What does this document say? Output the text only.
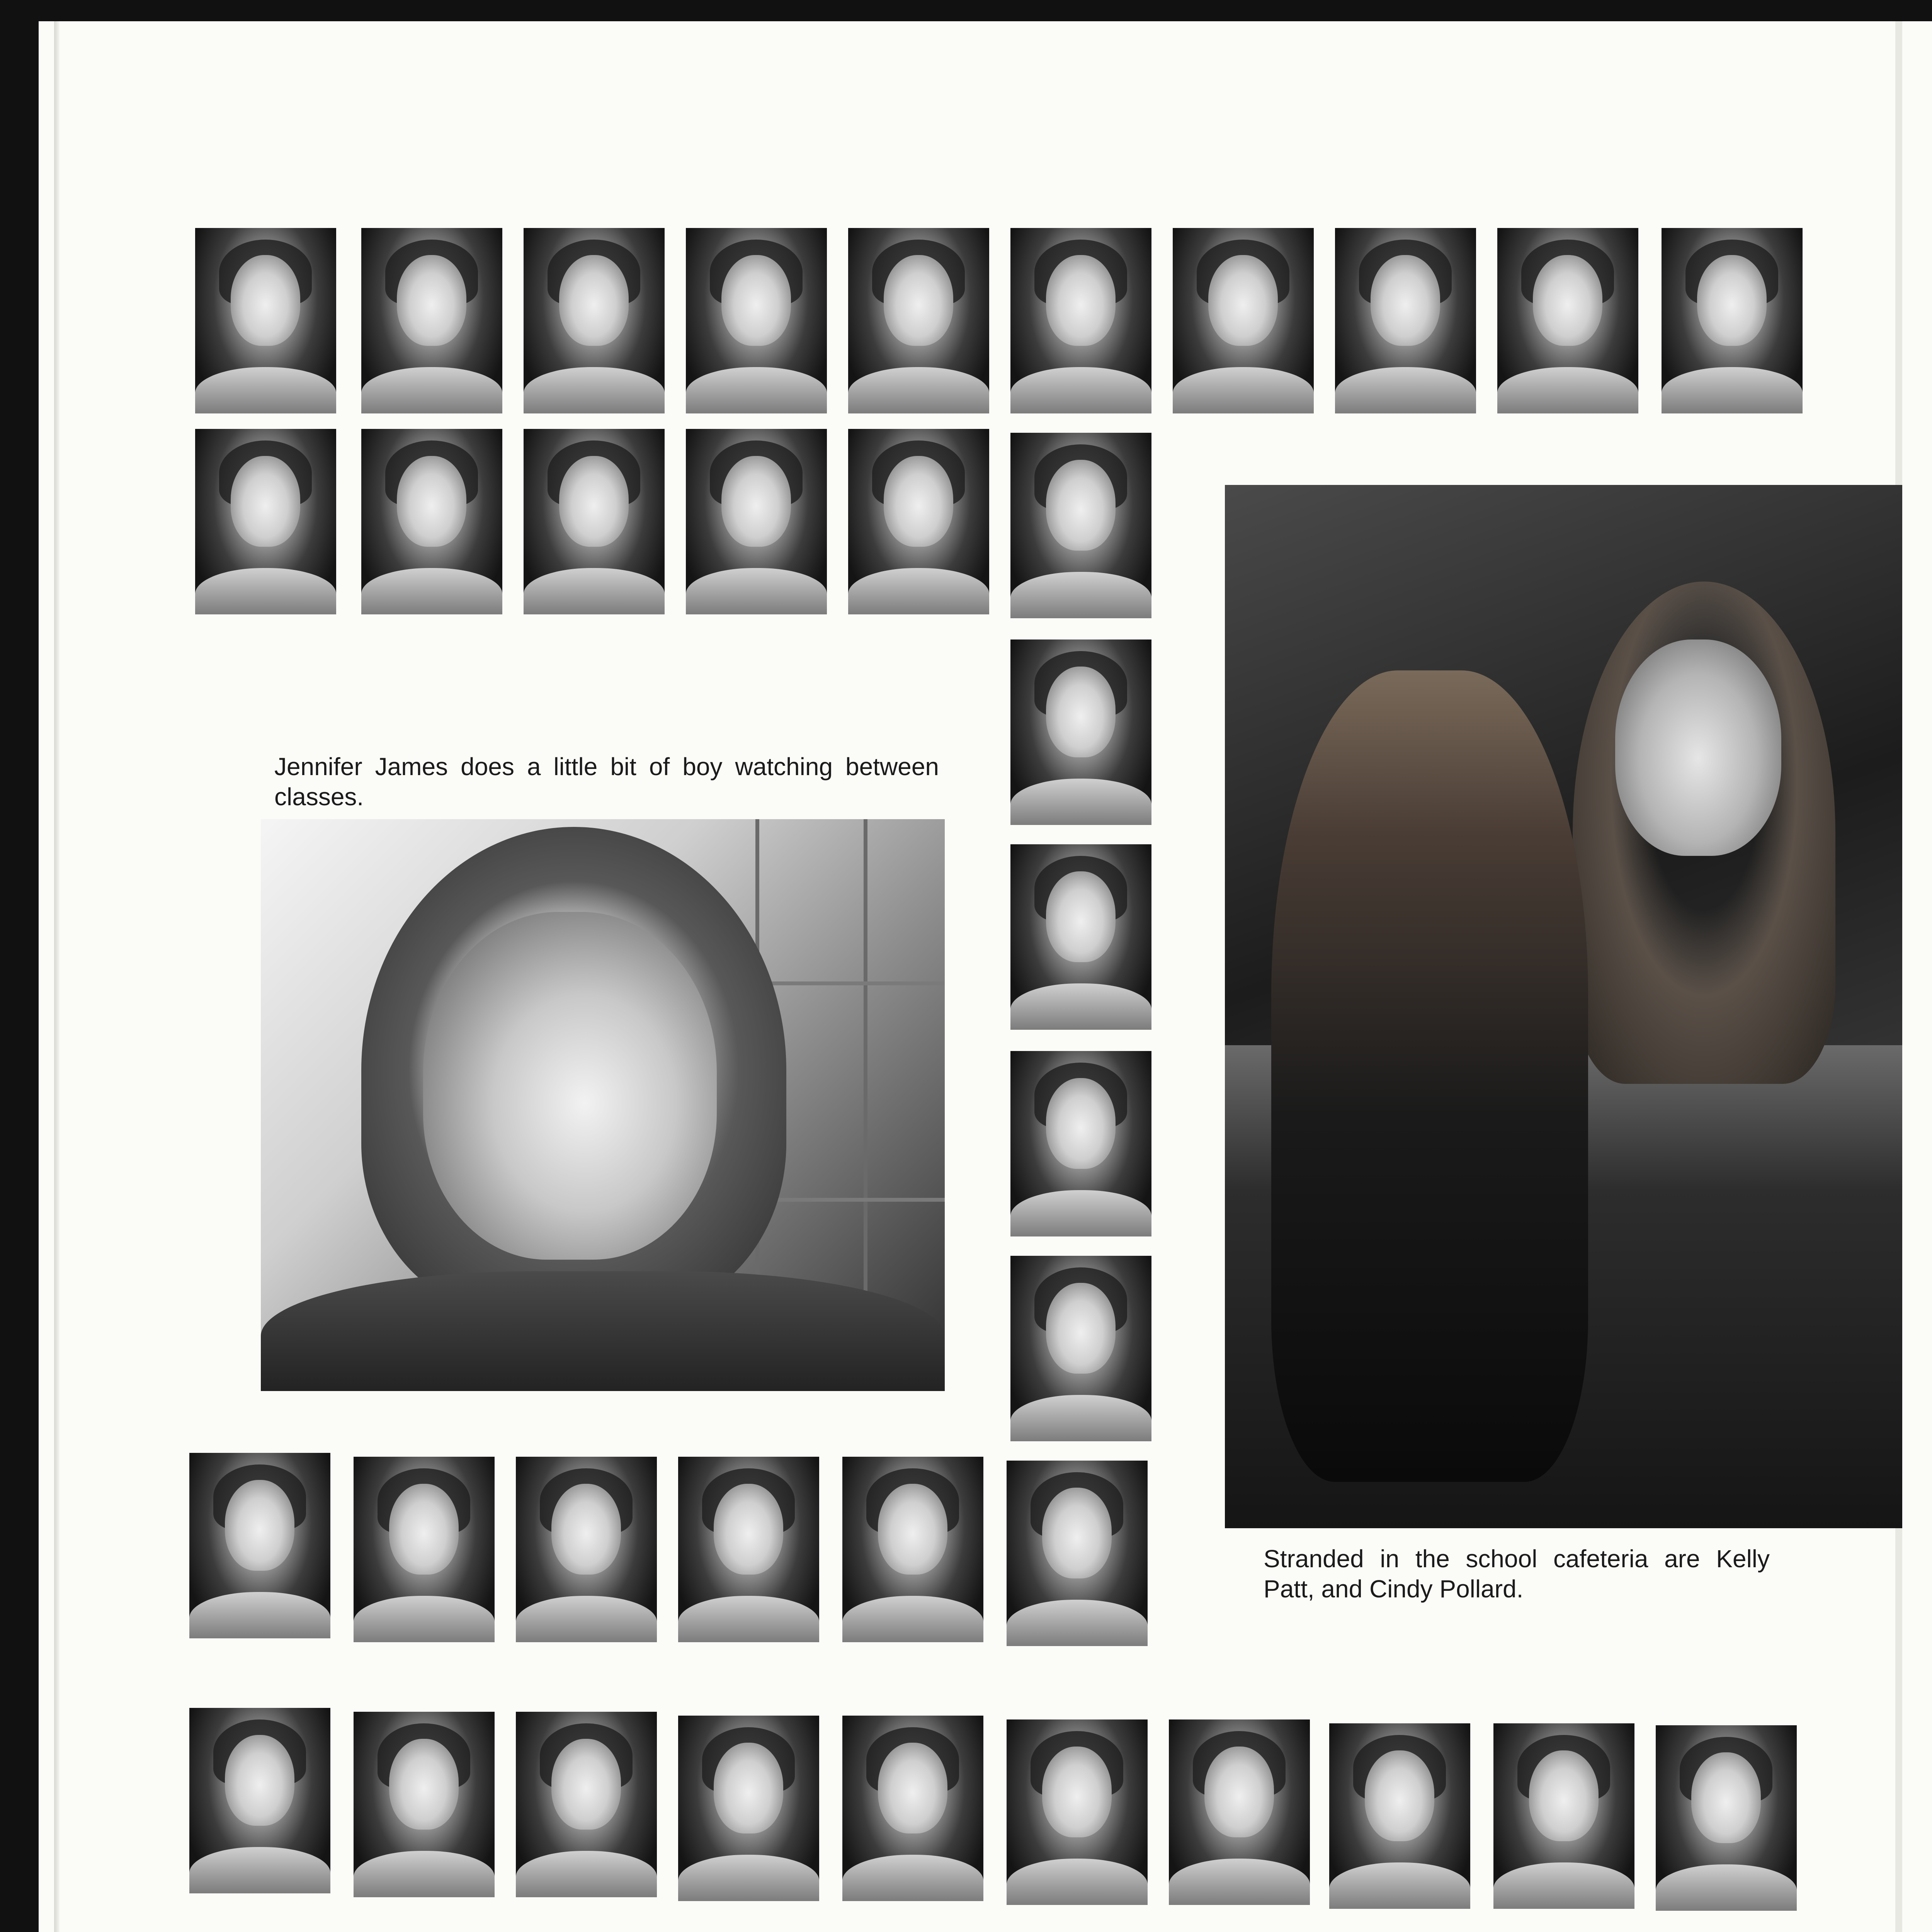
Jennifer James does a little bit of boy watching between classes.

Stranded in the school cafeteria are Kelly Patt, and Cindy Pollard.
